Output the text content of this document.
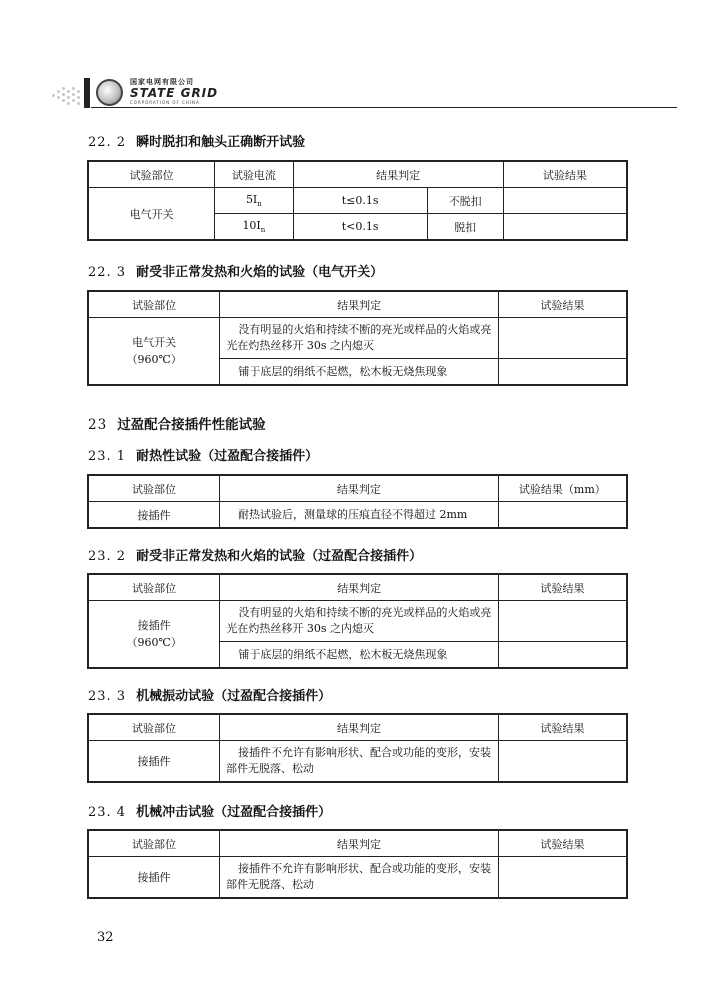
国家电网有限公司
STATE GRID
CORPORATION OF CHINA
22. 2 瞬时脱扣和触头正确断开试验
试验部位	试验电流	结果判定		试验结果
电气开关	$5I_n$	t≤0.1s	不脱扣	
	$10I_n$	t<0.1s	脱扣	
22. 3 耐受非正常发热和火焰的试验（电气开关）
试验部位	结果判定	试验结果

电气开关
（960℃）	没有明显的火焰和持续不断的亮光或样品的火焰或亮光在灼热丝移开 30s 之内熄灭	
	铺于底层的绢纸不起燃，松木板无烧焦现象	
23 过盈配合接插件性能试验
23. 1 耐热性试验（过盈配合接插件）
试验部位	结果判定	试验结果（mm）
接插件	耐热试验后，测量球的压痕直径不得超过 2mm	
23. 2 耐受非正常发热和火焰的试验（过盈配合接插件）
试验部位	结果判定	试验结果

接插件
（960℃）	没有明显的火焰和持续不断的亮光或样品的火焰或亮光在灼热丝移开 30s 之内熄灭	
	铺于底层的绢纸不起燃，松木板无烧焦现象	
23. 3 机械振动试验（过盈配合接插件）
试验部位	结果判定	试验结果
接插件	接插件不允许有影响形状、配合或功能的变形，安装部件无脱落、松动	
23. 4 机械冲击试验（过盈配合接插件）
试验部位	结果判定	试验结果
接插件	接插件不允许有影响形状、配合或功能的变形，安装部件无脱落、松动	
32
